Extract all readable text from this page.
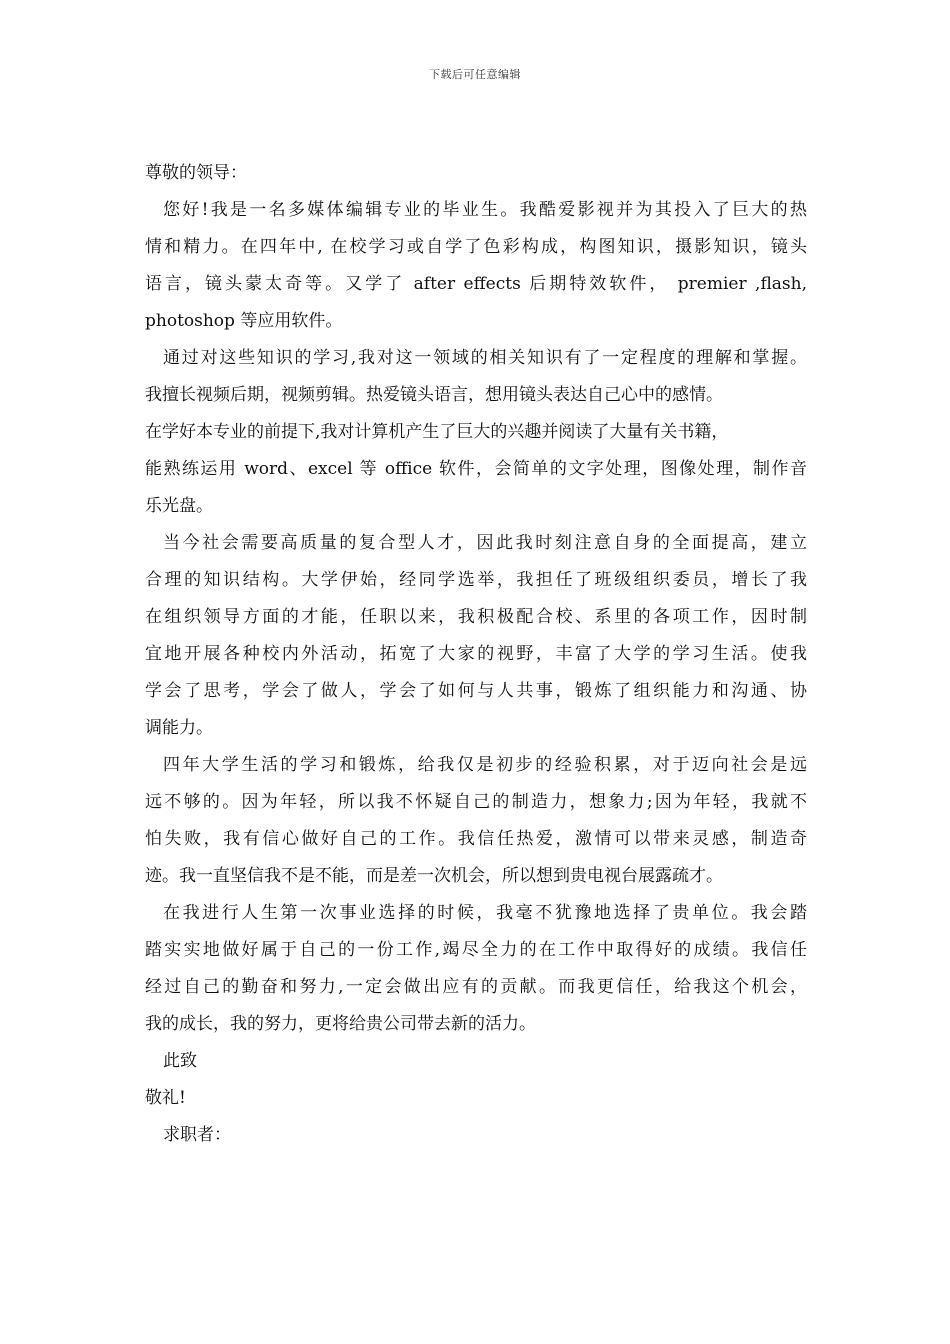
下载后可任意编辑
尊敬的领导：
您好!我是一名多媒体编辑专业的毕业生。我酷爱影视并为其投入了巨大的热
情和精力。在四年中, 在校学习或自学了色彩构成，构图知识，摄影知识，镜头
语言，镜头蒙太奇等。又学了 after effects 后期特效软件， premier ,flash,
photoshop 等应用软件。
通过对这些知识的学习,我对这一领域的相关知识有了一定程度的理解和掌握。
我擅长视频后期，视频剪辑。热爱镜头语言，想用镜头表达自己心中的感情。
在学好本专业的前提下,我对计算机产生了巨大的兴趣并阅读了大量有关书籍，
能熟练运用 word、excel 等 office 软件，会简单的文字处理，图像处理，制作音
乐光盘。
当今社会需要高质量的复合型人才，因此我时刻注意自身的全面提高，建立
合理的知识结构。大学伊始，经同学选举，我担任了班级组织委员，增长了我
在组织领导方面的才能，任职以来，我积极配合校、系里的各项工作，因时制
宜地开展各种校内外活动，拓宽了大家的视野，丰富了大学的学习生活。使我
学会了思考，学会了做人，学会了如何与人共事，锻炼了组织能力和沟通、协
调能力。
四年大学生活的学习和锻炼，给我仅是初步的经验积累，对于迈向社会是远
远不够的。因为年轻，所以我不怀疑自己的制造力，想象力;因为年轻，我就不
怕失败，我有信心做好自己的工作。我信任热爱，激情可以带来灵感，制造奇
迹。我一直坚信我不是不能，而是差一次机会，所以想到贵电视台展露疏才。
在我进行人生第一次事业选择的时候，我毫不犹豫地选择了贵单位。我会踏
踏实实地做好属于自己的一份工作,竭尽全力的在工作中取得好的成绩。我信任
经过自己的勤奋和努力,一定会做出应有的贡献。而我更信任，给我这个机会，
我的成长，我的努力，更将给贵公司带去新的活力。
此致
敬礼!
求职者：
